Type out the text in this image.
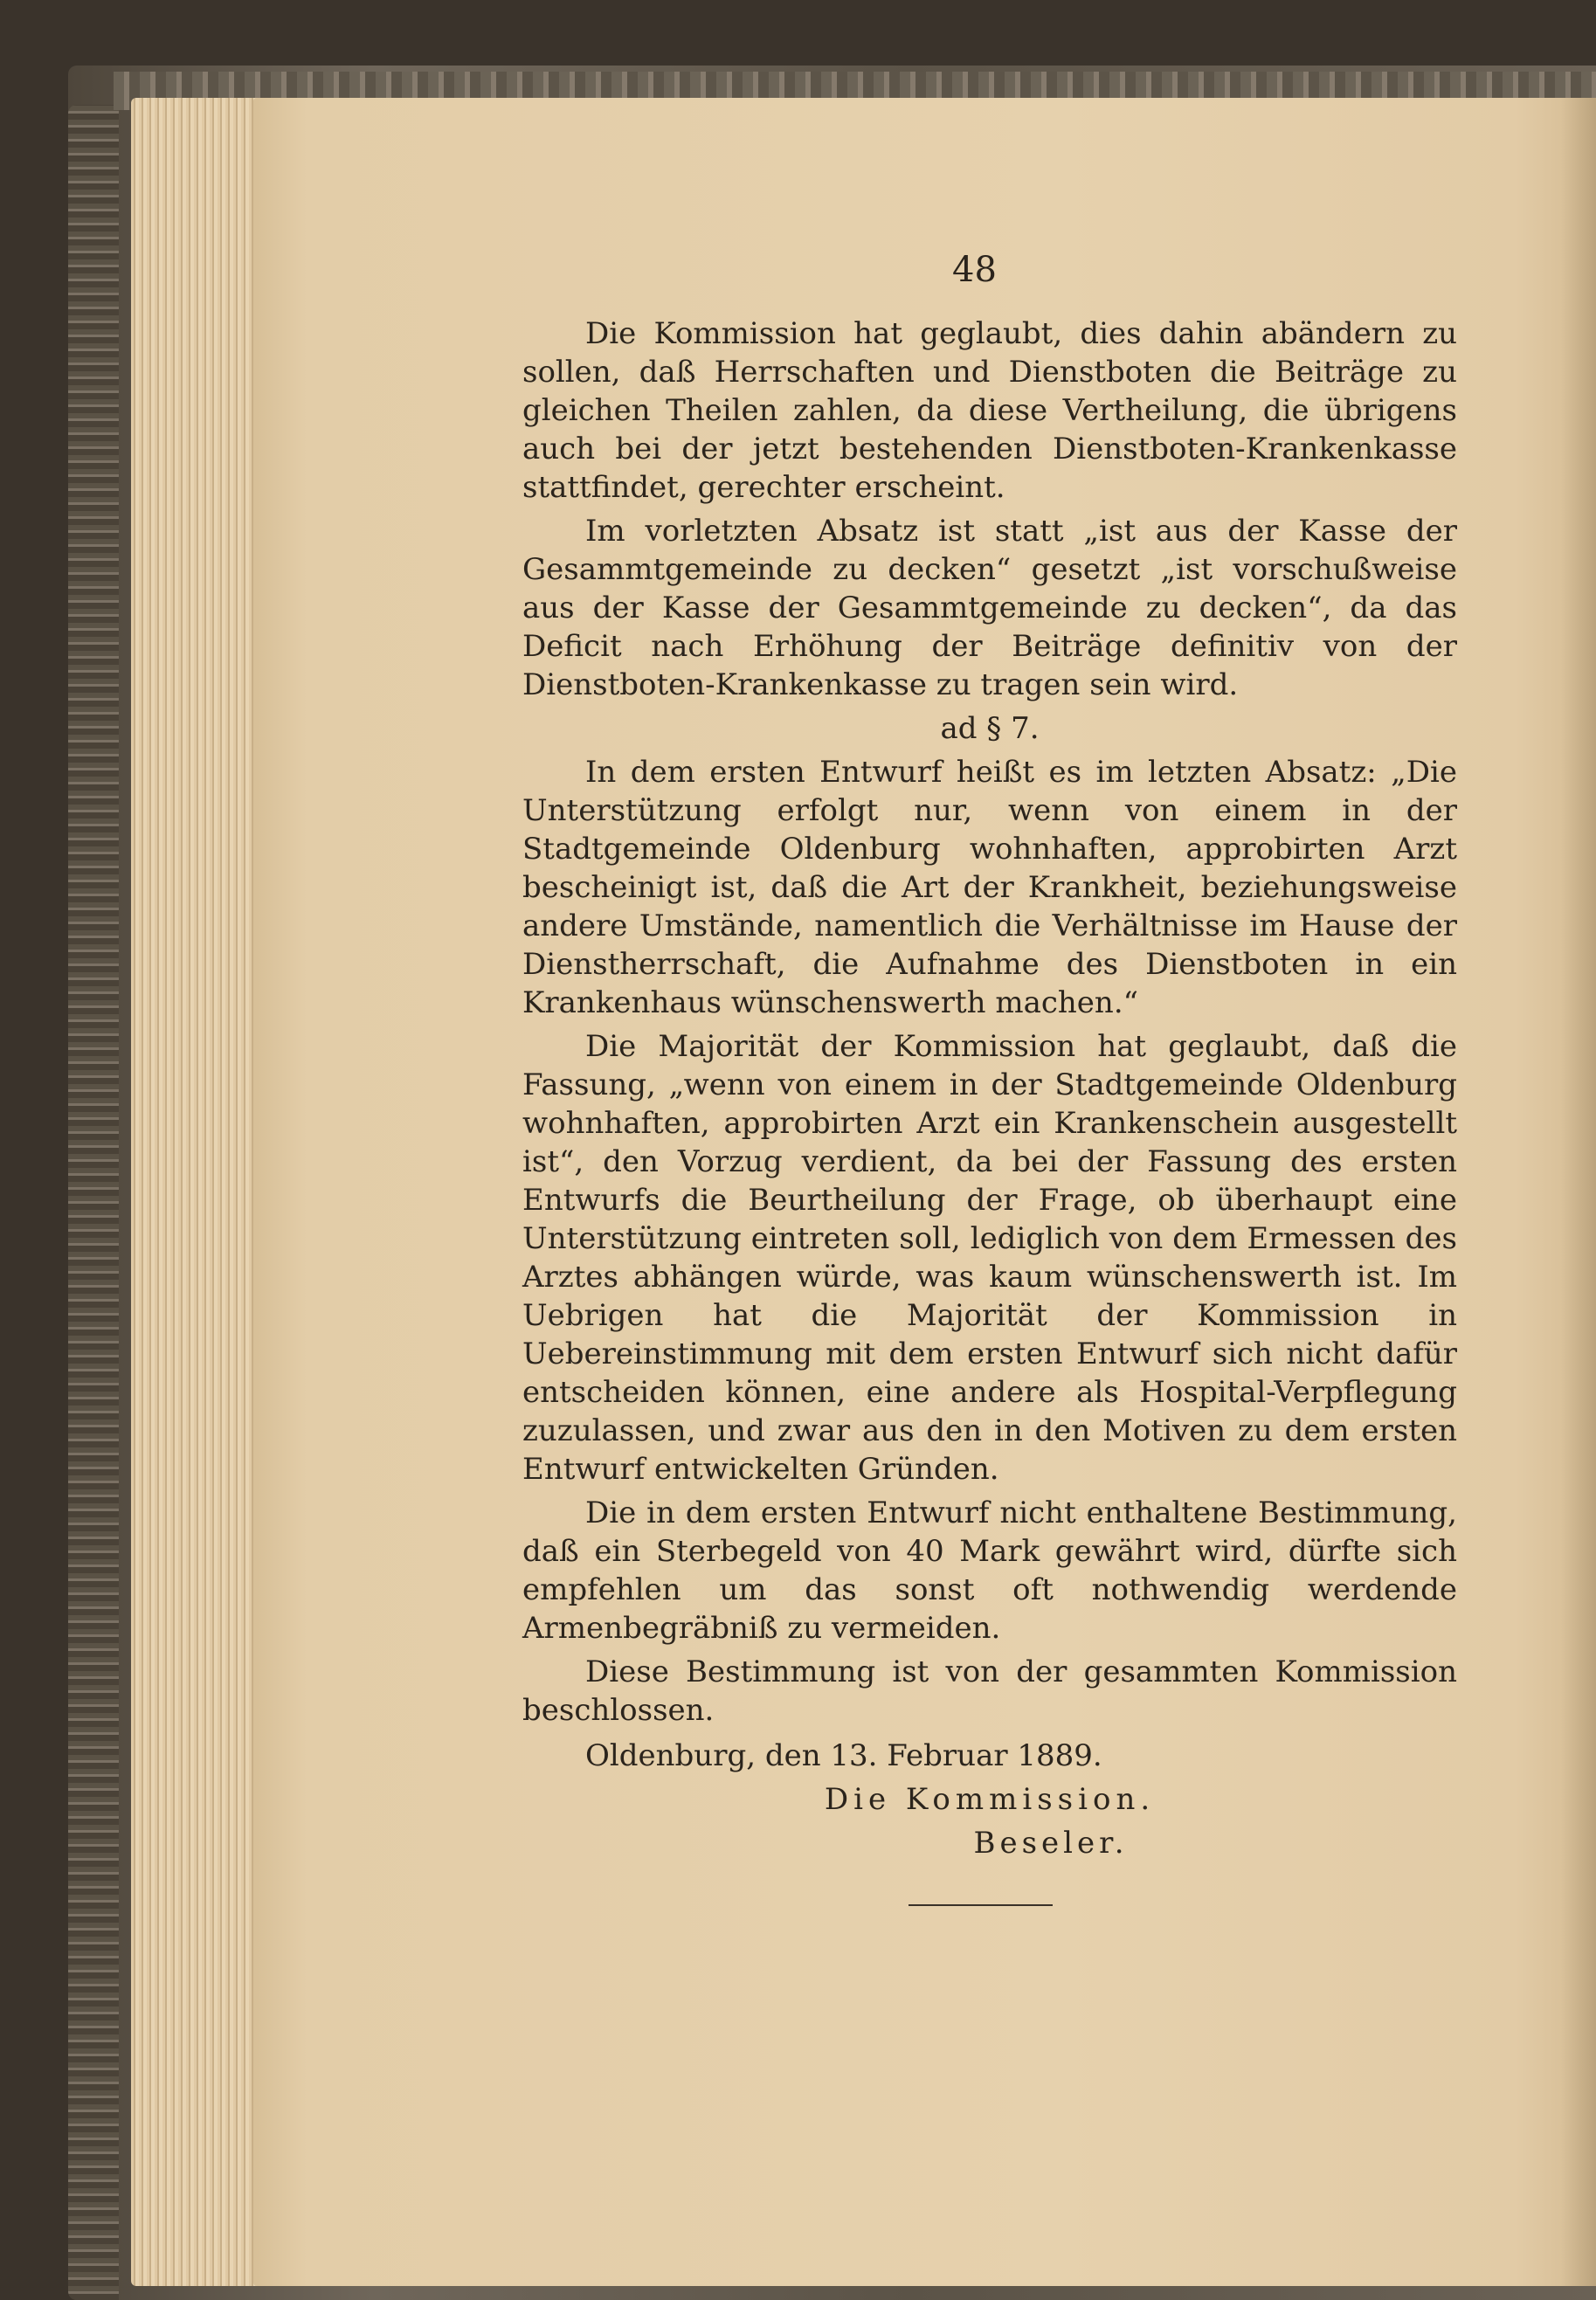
48

Die Kommission hat geglaubt, dies dahin abändern zu sollen, daß Herrschaften und Dienstboten die Beiträge zu gleichen Theilen zahlen, da diese Vertheilung, die übrigens auch bei der jetzt bestehenden Dienstboten-Krankenkasse stattfindet, gerechter erscheint.

Im vorletzten Absatz ist statt „ist aus der Kasse der Gesammtgemeinde zu decken“ gesetzt „ist vorschußweise aus der Kasse der Gesammtgemeinde zu decken“, da das Deficit nach Erhöhung der Beiträge definitiv von der Dienstboten-Krankenkasse zu tragen sein wird.

ad § 7.

In dem ersten Entwurf heißt es im letzten Absatz: „Die Unterstützung erfolgt nur, wenn von einem in der Stadtgemeinde Oldenburg wohnhaften, approbirten Arzt bescheinigt ist, daß die Art der Krankheit, beziehungsweise andere Umstände, namentlich die Verhältnisse im Hause der Dienstherrschaft, die Aufnahme des Dienstboten in ein Krankenhaus wünschenswerth machen.“

Die Majorität der Kommission hat geglaubt, daß die Fassung, „wenn von einem in der Stadtgemeinde Oldenburg wohnhaften, approbirten Arzt ein Krankenschein ausgestellt ist“, den Vorzug verdient, da bei der Fassung des ersten Entwurfs die Beurtheilung der Frage, ob überhaupt eine Unterstützung eintreten soll, lediglich von dem Ermessen des Arztes abhängen würde, was kaum wünschenswerth ist. Im Uebrigen hat die Majorität der Kommission in Uebereinstimmung mit dem ersten Entwurf sich nicht dafür entscheiden können, eine andere als Hospital-Verpflegung zuzulassen, und zwar aus den in den Motiven zu dem ersten Entwurf entwickelten Gründen.

Die in dem ersten Entwurf nicht enthaltene Bestimmung, daß ein Sterbegeld von 40 Mark gewährt wird, dürfte sich empfehlen um das sonst oft nothwendig werdende Armenbegräbniß zu vermeiden.

Diese Bestimmung ist von der gesammten Kommission beschlossen.

Oldenburg, den 13. Februar 1889.

Die Kommission.

Beseler.
